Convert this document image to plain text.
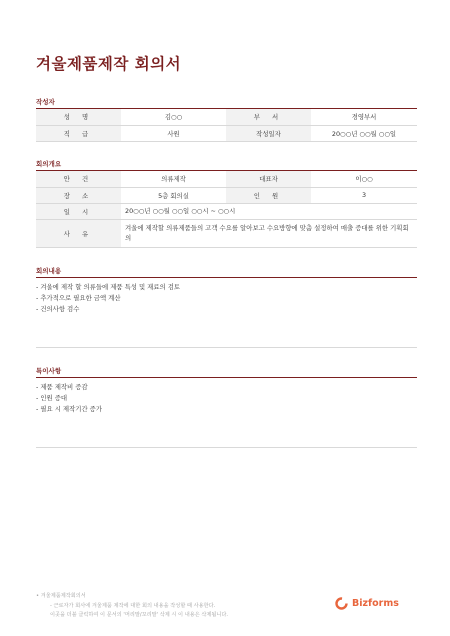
겨울제품제작 회의서
작성자
성 명	김○○	부 서	경영부서
직 급	사원	작성일자	20○○년 ○○월 ○○일
회의개요
안 건	의류제작	대표자	이○○
장 소	5층 회의실	인 원	3
일 시	20○○년 ○○월 ○○일 ○○시 ~ ○○시		
사 유	겨울에 제작할 의류제품들의 고객 수요를 알아보고 수요방향에 맞춤 설정하여 매출 증대를 위한 기획회의		
회의내용
- 겨울에 제작 할 의류들에 제품 특성 및 재료의 검토
- 추가적으로 필요한 금액 계산
- 건의사항 검수
특이사항
- 제품 제작비 증감
- 인원 증대
- 필요 시 제작기간 증가
• 겨울제품제작회의서
- 근로자가 회사에 겨울제품 제작에 대한 회의 내용을 작성할 때 사용한다.
이곳을 더블 클릭하여 이 문서의 '머리말/꼬리말' 삭제 시 이 내용은 삭제됩니다.
Bizforms
